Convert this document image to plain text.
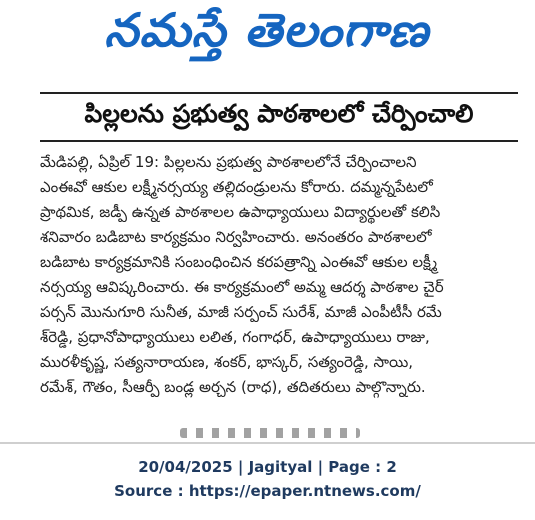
నమస్తే తెలంగాణ
పిల్లలను ప్రభుత్వ పాఠశాలలో చేర్పించాలి
మేడిపల్లి, ఏప్రిల్ 19: పిల్లలను ప్రభుత్వ పాఠశాలలోనే చేర్పించాలని
ఎంఈవో ఆకుల లక్ష్మీనర్సయ్య తల్లిదండ్రులను కోరారు. దమ్మన్నపేటలో
ప్రాథమిక, జడ్పీ ఉన్నత పాఠశాలల ఉపాధ్యాయులు విద్యార్థులతో కలిసి
శనివారం బడిబాట కార్యక్రమం నిర్వహించారు. అనంతరం పాఠశాలలో
బడిబాట కార్యక్రమానికి సంబంధించిన కరపత్రాన్ని ఎంఈవో ఆకుల లక్ష్మీ
నర్సయ్య ఆవిష్కరించారు. ఈ కార్యక్రమంలో అమ్మ ఆదర్శ పాఠశాల చైర్
పర్సన్ మొనుగూరి సునీత, మాజీ సర్పంచ్ సురేశ్, మాజీ ఎంపీటీసీ రమే
శ్‌రెడ్డి, ప్రధానోపాధ్యాయులు లలిత, గంగాధర్, ఉపాధ్యాయులు రాజు,
మురళీకృష్ణ, సత్యనారాయణ, శంకర్, భాస్కర్, సత్యంరెడ్డి, సాయి,
రమేశ్, గౌతం, సీఆర్పీ బండ్ల అర్చన (రాధ), తదితరులు పాల్గొన్నారు.
20/04/2025 | Jagityal | Page : 2
Source : https://epaper.ntnews.com/
